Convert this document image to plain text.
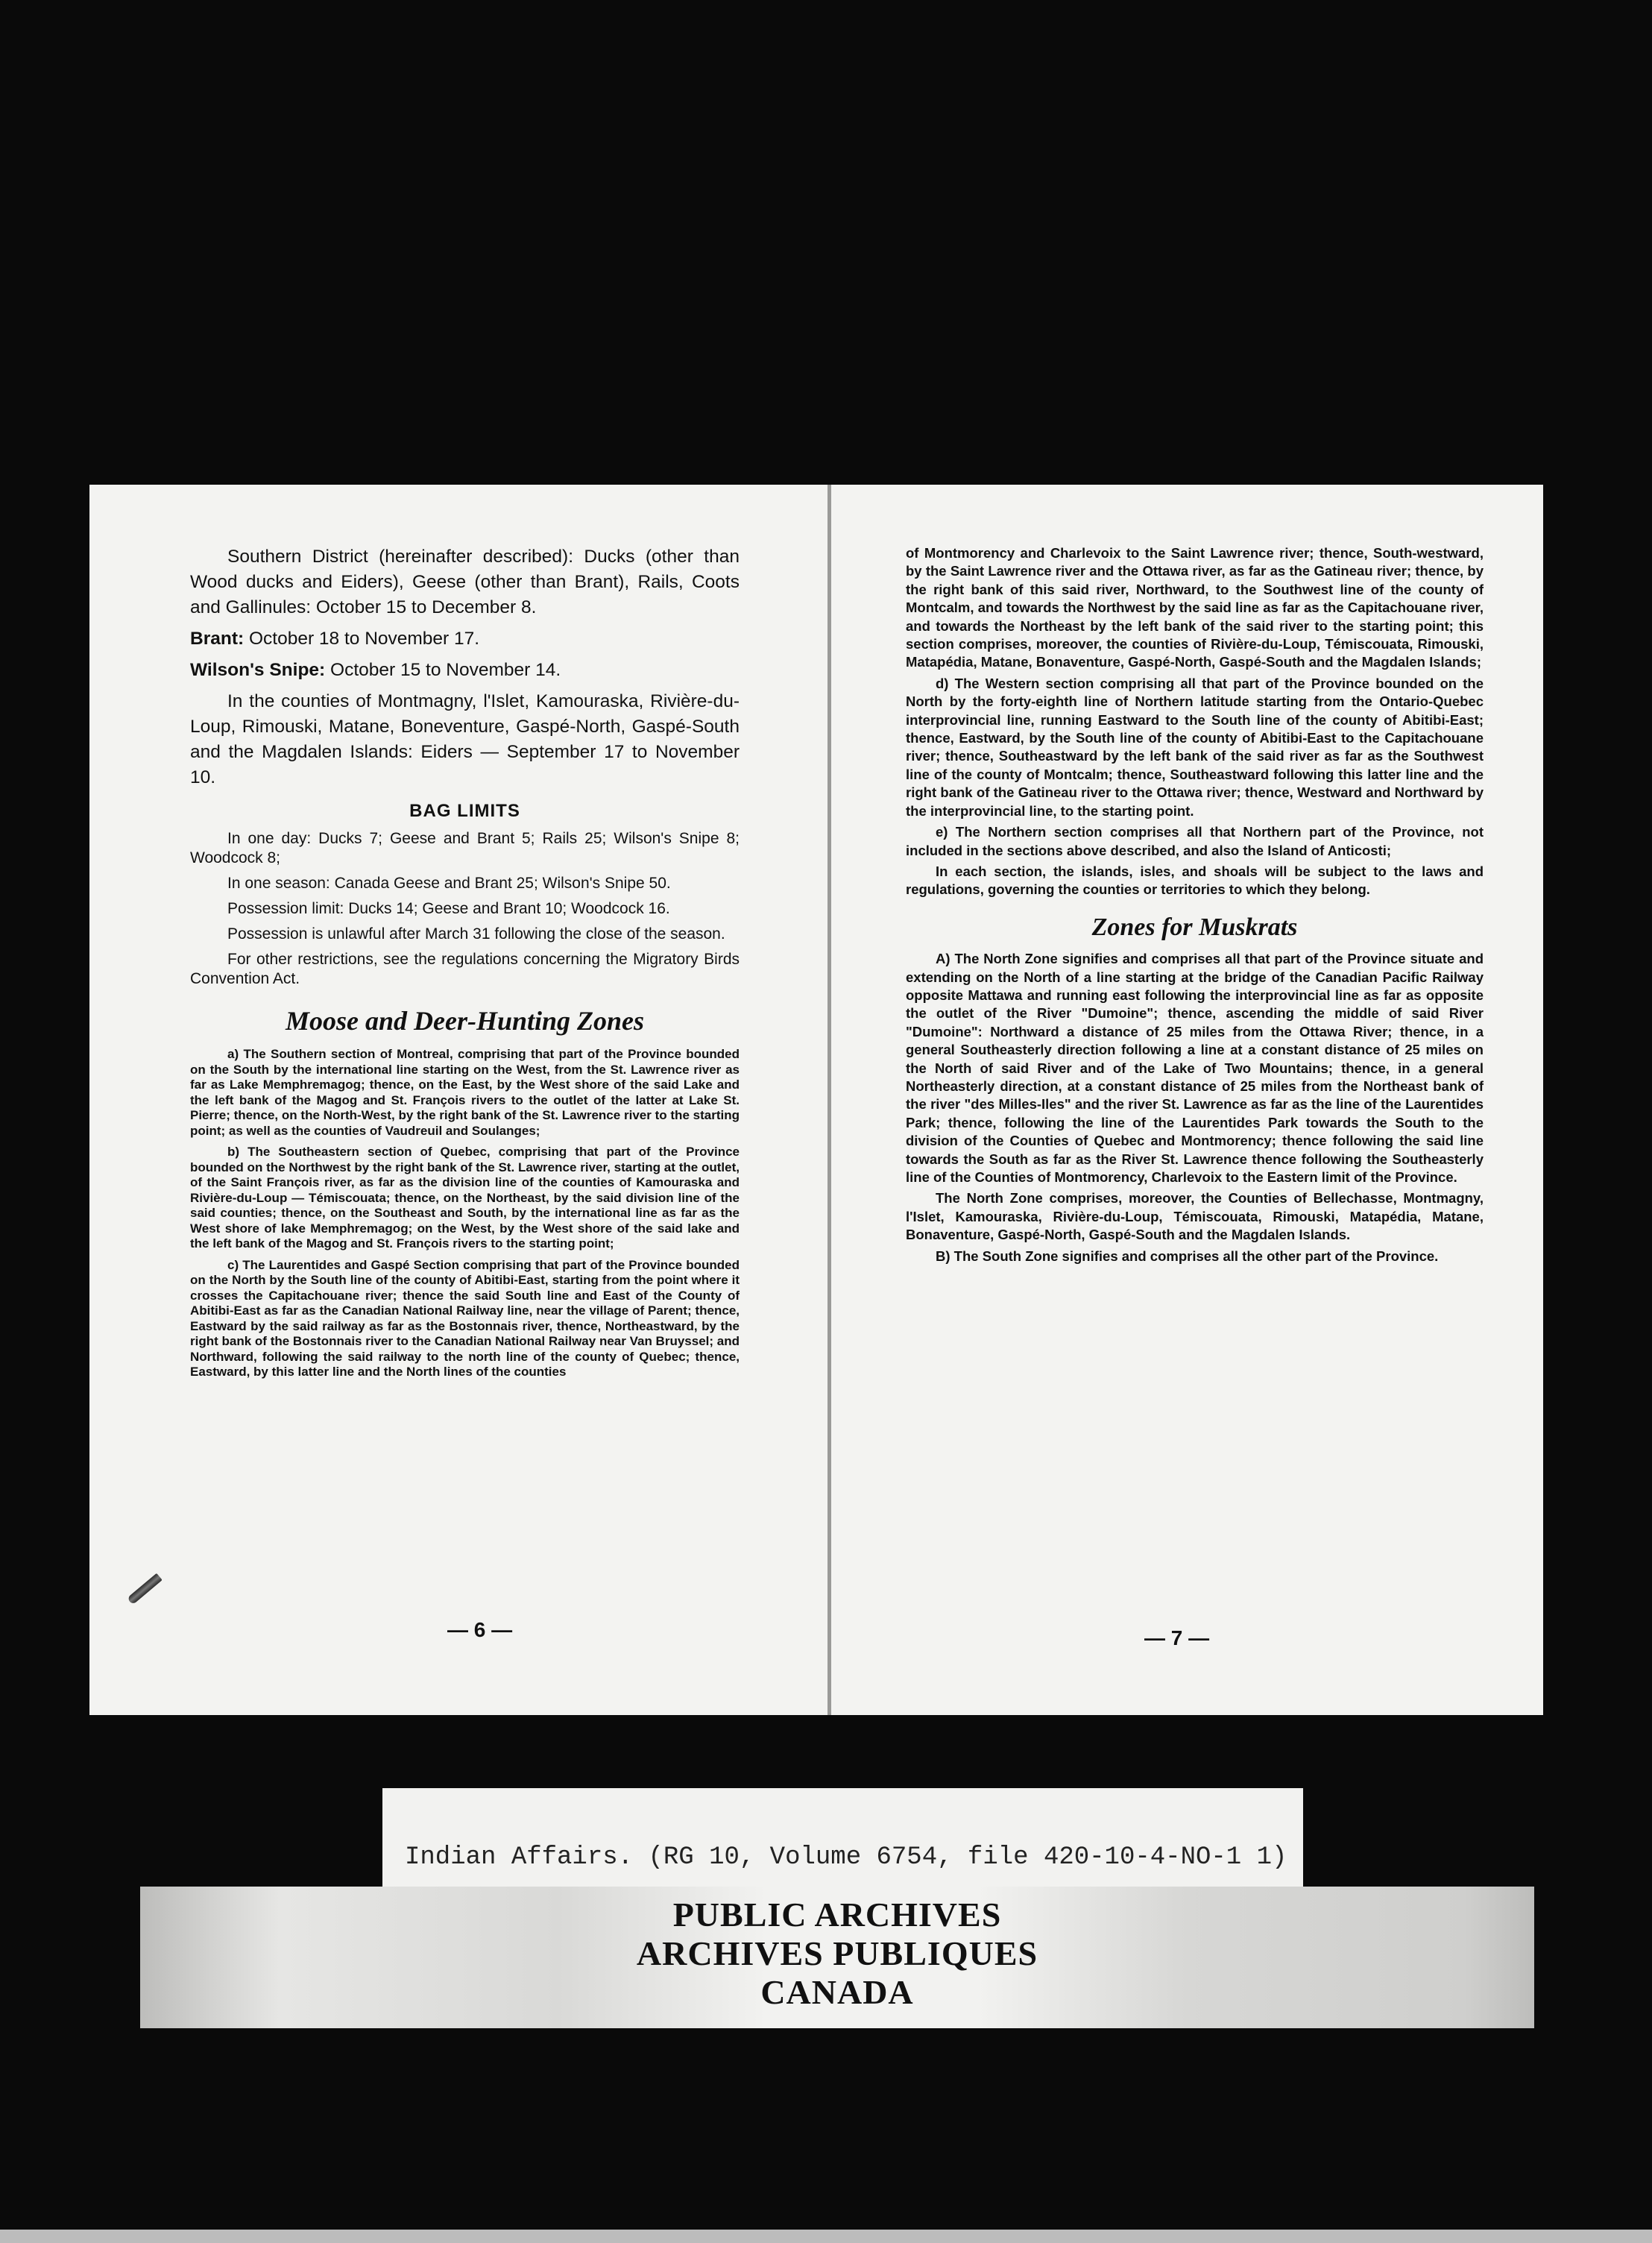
Southern District (hereinafter described): Ducks (other than Wood ducks and Eiders), Geese (other than Brant), Rails, Coots and Gallinules: October 15 to December 8.

Brant: October 18 to November 17.

Wilson's Snipe: October 15 to November 14.

In the counties of Montmagny, l'Islet, Kamouraska, Rivière-du-Loup, Rimouski, Matane, Boneventure, Gaspé-North, Gaspé-South and the Magdalen Islands: Eiders — September 17 to November 10.

BAG LIMITS

In one day: Ducks 7; Geese and Brant 5; Rails 25; Wilson's Snipe 8; Woodcock 8;

In one season: Canada Geese and Brant 25; Wilson's Snipe 50.

Possession limit: Ducks 14; Geese and Brant 10; Woodcock 16.

Possession is unlawful after March 31 following the close of the season.

For other restrictions, see the regulations concerning the Migratory Birds Convention Act.

Moose and Deer-Hunting Zones

a) The Southern section of Montreal, comprising that part of the Province bounded on the South by the international line starting on the West, from the St. Lawrence river as far as Lake Memphremagog; thence, on the East, by the West shore of the said Lake and the left bank of the Magog and St. François rivers to the outlet of the latter at Lake St. Pierre; thence, on the North-West, by the right bank of the St. Lawrence river to the starting point; as well as the counties of Vaudreuil and Soulanges;

b) The Southeastern section of Quebec, comprising that part of the Province bounded on the Northwest by the right bank of the St. Lawrence river, starting at the outlet, of the Saint François river, as far as the division line of the counties of Kamouraska and Rivière-du-Loup — Témiscouata; thence, on the Northeast, by the said division line of the said counties; thence, on the Southeast and South, by the international line as far as the West shore of lake Memphremagog; on the West, by the West shore of the said lake and the left bank of the Magog and St. François rivers to the starting point;

c) The Laurentides and Gaspé Section comprising that part of the Province bounded on the North by the South line of the county of Abitibi-East, starting from the point where it crosses the Capitachouane river; thence the said South line and East of the County of Abitibi-East as far as the Canadian National Railway line, near the village of Parent; thence, Eastward by the said railway as far as the Bostonnais river, thence, Northeastward, by the right bank of the Bostonnais river to the Canadian National Railway near Van Bruyssel; and Northward, following the said railway to the north line of the county of Quebec; thence, Eastward, by this latter line and the North lines of the counties

— 6 —

of Montmorency and Charlevoix to the Saint Lawrence river; thence, South-westward, by the Saint Lawrence river and the Ottawa river, as far as the Gatineau river; thence, by the right bank of this said river, Northward, to the Southwest line of the county of Montcalm, and towards the Northwest by the said line as far as the Capitachouane river, and towards the Northeast by the left bank of the said river to the starting point; this section comprises, moreover, the counties of Rivière-du-Loup, Témiscouata, Rimouski, Matapédia, Matane, Bonaventure, Gaspé-North, Gaspé-South and the Magdalen Islands;

d) The Western section comprising all that part of the Province bounded on the North by the forty-eighth line of Northern latitude starting from the Ontario-Quebec interprovincial line, running Eastward to the South line of the county of Abitibi-East; thence, Eastward, by the South line of the county of Abitibi-East to the Capitachouane river; thence, Southeastward by the left bank of the said river as far as the Southwest line of the county of Montcalm; thence, Southeastward following this latter line and the right bank of the Gatineau river to the Ottawa river; thence, Westward and Northward by the interprovincial line, to the starting point.

e) The Northern section comprises all that Northern part of the Province, not included in the sections above described, and also the Island of Anticosti;

In each section, the islands, isles, and shoals will be subject to the laws and regulations, governing the counties or territories to which they belong.

Zones for Muskrats

A) The North Zone signifies and comprises all that part of the Province situate and extending on the North of a line starting at the bridge of the Canadian Pacific Railway opposite Mattawa and running east following the interprovincial line as far as opposite the outlet of the River "Dumoine"; thence, ascending the middle of said River "Dumoine": Northward a distance of 25 miles from the Ottawa River; thence, in a general Southeasterly direction following a line at a constant distance of 25 miles on the North of said River and of the Lake of Two Mountains; thence, in a general Northeasterly direction, at a constant distance of 25 miles from the Northeast bank of the river "des Milles-Iles" and the river St. Lawrence as far as the line of the Laurentides Park; thence, following the line of the Laurentides Park towards the South to the division of the Counties of Quebec and Montmorency; thence following the said line towards the South as far as the River St. Lawrence thence following the Southeasterly line of the Counties of Montmorency, Charlevoix to the Eastern limit of the Province.

The North Zone comprises, moreover, the Counties of Bellechasse, Montmagny, l'Islet, Kamouraska, Rivière-du-Loup, Témiscouata, Rimouski, Matapédia, Matane, Bonaventure, Gaspé-North, Gaspé-South and the Magdalen Islands.

B) The South Zone signifies and comprises all the other part of the Province.

— 7 —
Indian Affairs. (RG 10, Volume 6754, file 420-10-4-NO-1 1)
PUBLIC ARCHIVES
ARCHIVES PUBLIQUES
CANADA
